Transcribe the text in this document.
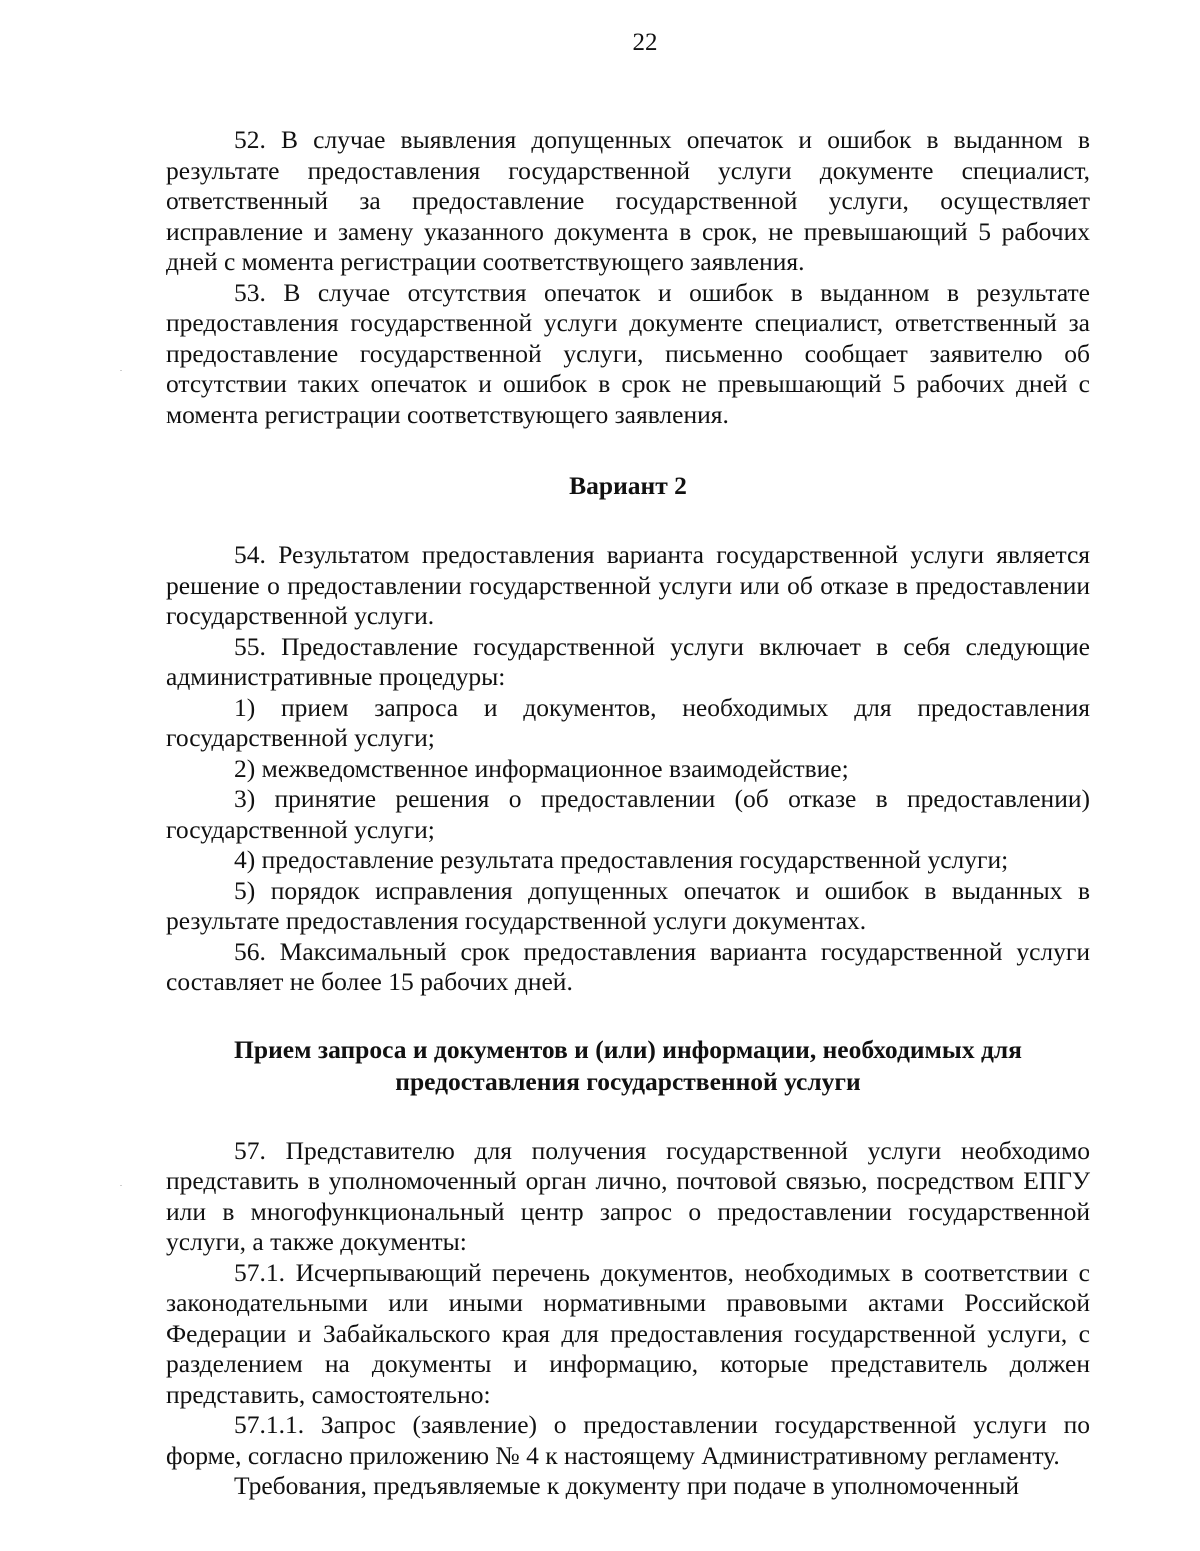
22

52. В случае выявления допущенных опечаток и ошибок в выданном в результате предоставления государственной услуги документе специалист, ответственный за предоставление государственной услуги, осуществляет исправление и замену указанного документа в срок, не превышающий 5 рабочих дней с момента регистрации соответствующего заявления.

53. В случае отсутствия опечаток и ошибок в выданном в результате предоставления государственной услуги документе специалист, ответственный за предоставление государственной услуги, письменно сообщает заявителю об отсутствии таких опечаток и ошибок в срок не превышающий 5 рабочих дней с момента регистрации соответствующего заявления.

Вариант 2

54. Результатом предоставления варианта государственной услуги является решение о предоставлении государственной услуги или об отказе в предоставлении государственной услуги.

55. Предоставление государственной услуги включает в себя следующие административные процедуры:

1) прием запроса и документов, необходимых для предоставления государственной услуги;

2) межведомственное информационное взаимодействие;

3) принятие решения о предоставлении (об отказе в предоставлении) государственной услуги;

4) предоставление результата предоставления государственной услуги;

5) порядок исправления допущенных опечаток и ошибок в выданных в результате предоставления государственной услуги документах.

56. Максимальный срок предоставления варианта государственной услуги составляет не более 15 рабочих дней.

Прием запроса и документов и (или) информации, необходимых для предоставления государственной услуги

57. Представителю для получения государственной услуги необходимо представить в уполномоченный орган лично, почтовой связью, посредством ЕПГУ или в многофункциональный центр запрос о предоставлении государственной услуги, а также документы:

57.1. Исчерпывающий перечень документов, необходимых в соответствии с законодательными или иными нормативными правовыми актами Российской Федерации и Забайкальского края для предоставления государственной услуги, с разделением на документы и информацию, которые представитель должен представить, самостоятельно:

57.1.1. Запрос (заявление) о предоставлении государственной услуги по форме, согласно приложению № 4 к настоящему Административному регламенту.

Требования, предъявляемые к документу при подаче в уполномоченный
